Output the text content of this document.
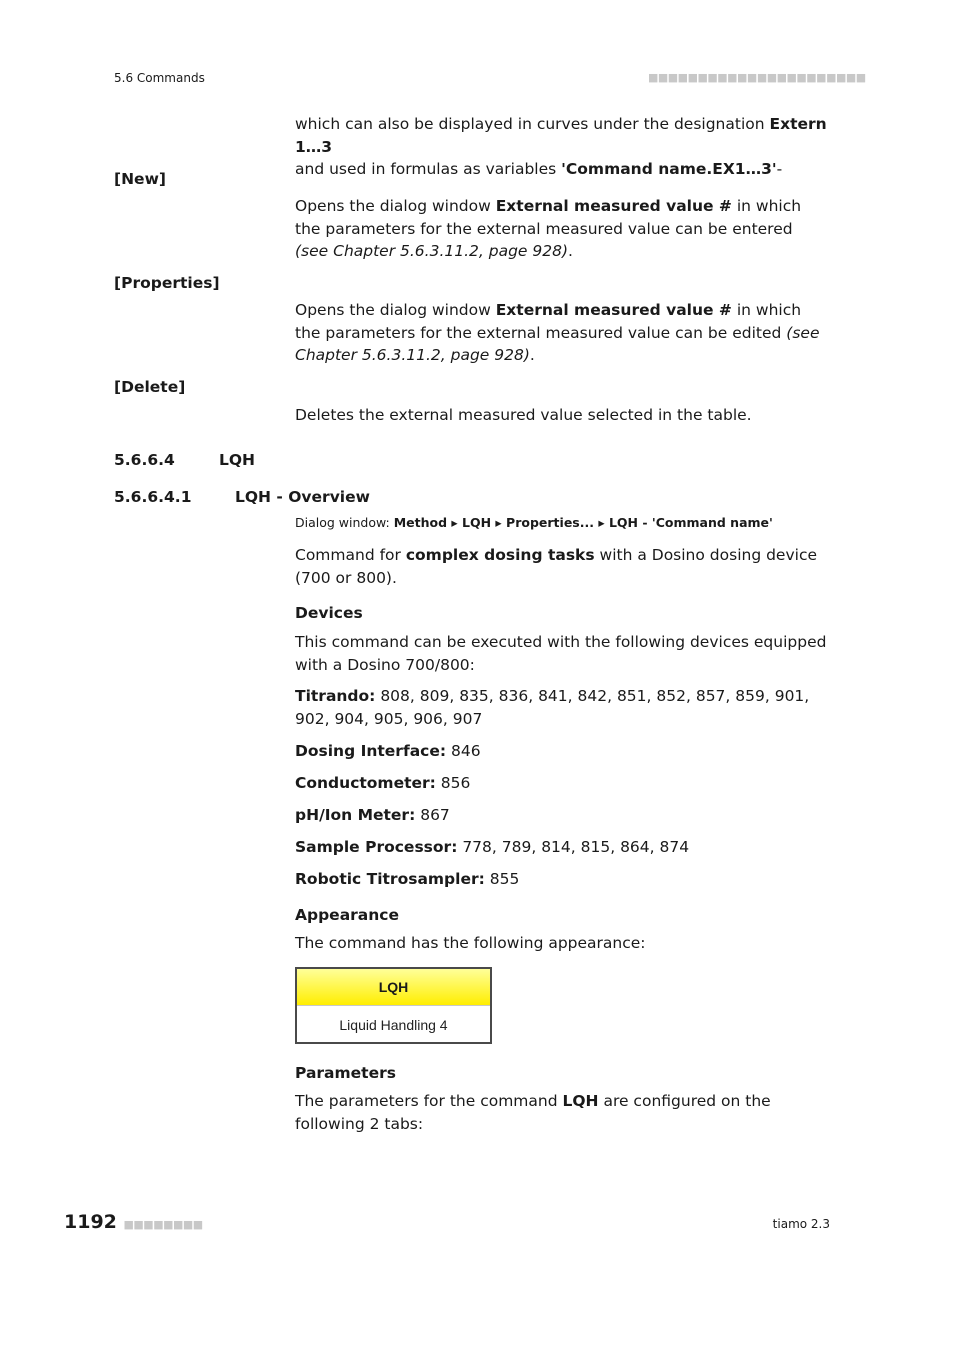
5.6 Commands	■■■■■■■■■■■■■■■■■■■■■■
which can also be displayed in curves under the designation Extern 1…3
and used in formulas as variables 'Command name.EX1…3'-
[New]
Opens the dialog window External measured value # in which the parameters for the external measured value can be entered (see Chapter 5.6.3.11.2, page 928).
[Properties]
Opens the dialog window External measured value # in which the parameters for the external measured value can be edited (see Chapter 5.6.3.11.2, page 928).
[Delete]
Deletes the external measured value selected in the table.
5.6.6.4	LQH
5.6.6.4.1	LQH - Overview
Dialog window: Method ▸ LQH ▸ Properties... ▸ LQH - 'Command name'
Command for complex dosing tasks with a Dosino dosing device (700 or 800).
Devices
This command can be executed with the following devices equipped with a Dosino 700/800:
Titrando: 808, 809, 835, 836, 841, 842, 851, 852, 857, 859, 901, 902, 904, 905, 906, 907
Dosing Interface: 846
Conductometer: 856
pH/Ion Meter: 867
Sample Processor: 778, 789, 814, 815, 864, 874
Robotic Titrosampler: 855
Appearance
The command has the following appearance:
LQH
Liquid Handling 4
Parameters
The parameters for the command LQH are configured on the following 2 tabs:
1192 ■■■■■■■■	tiamo 2.3
